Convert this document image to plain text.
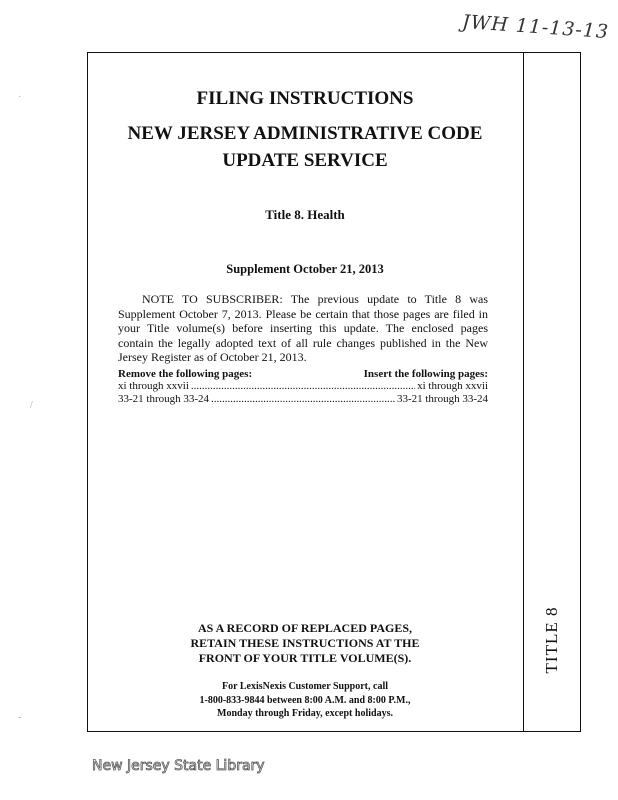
JWH 11-13-13
FILING INSTRUCTIONS
NEW JERSEY ADMINISTRATIVE CODE
UPDATE SERVICE
Title 8. Health
Supplement October 21, 2013
NOTE TO SUBSCRIBER: The previous update to Title 8 was Supplement October 7, 2013. Please be certain that those pages are filed in your Title volume(s) before inserting this update. The enclosed pages contain the legally adopted text of all rule changes published in the New Jersey Register as of October 21, 2013.
Remove the following pages:	Insert the following pages:
xi through xxvii .....	xi through xxvii
33-21 through 33-24 .....	33-21 through 33-24
AS A RECORD OF REPLACED PAGES,
RETAIN THESE INSTRUCTIONS AT THE
FRONT OF YOUR TITLE VOLUME(S).
For LexisNexis Customer Support, call
1-800-833-9844 between 8:00 A.M. and 8:00 P.M.,
Monday through Friday, except holidays.
TITLE 8
·
/
-
New Jersey State Library
